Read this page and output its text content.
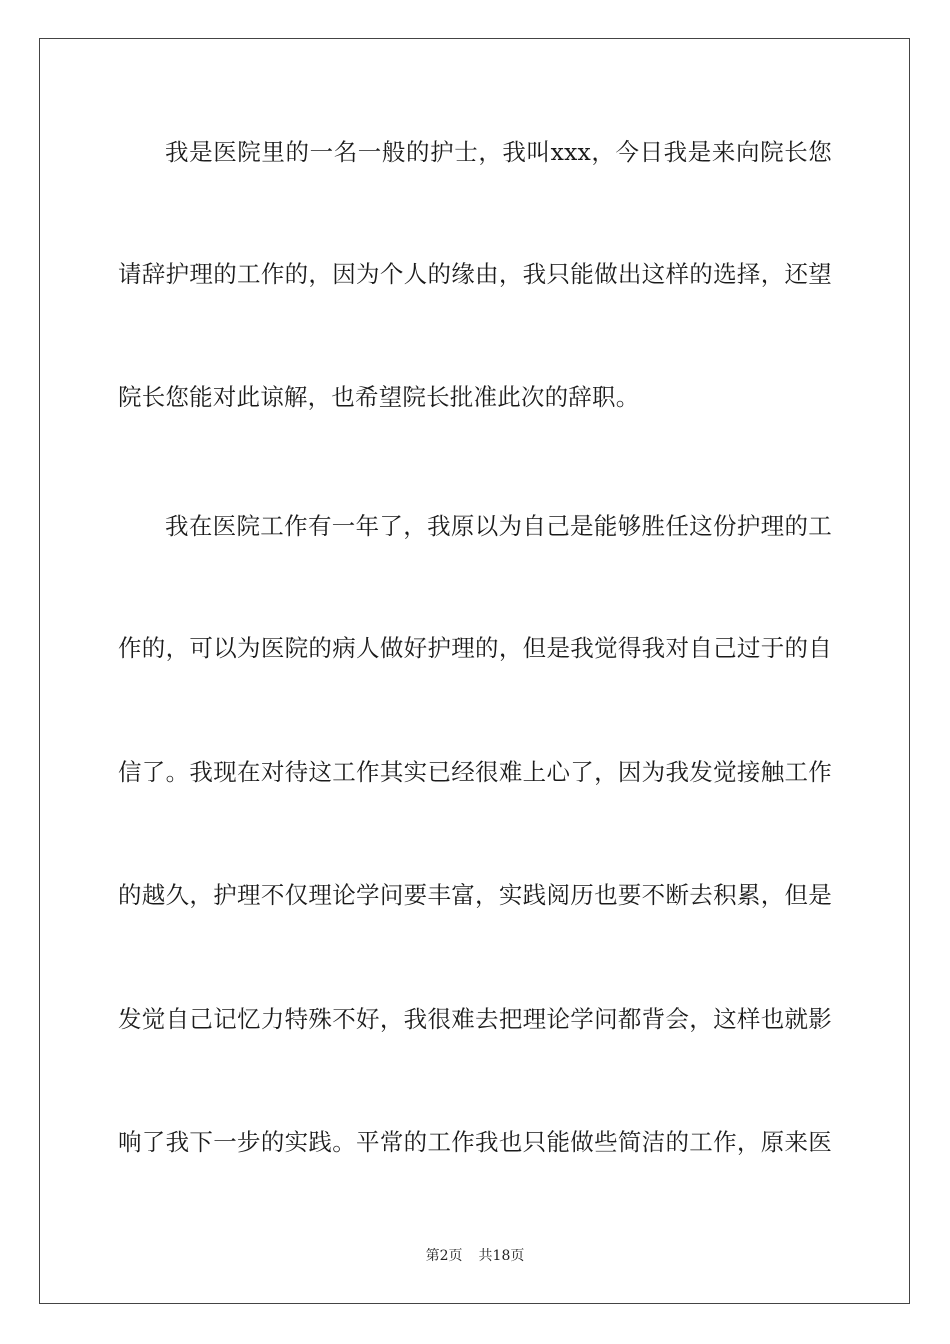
我是医院里的一名一般的护士，我叫xxx，今日我是来向院长您
请辞护理的工作的，因为个人的缘由，我只能做出这样的选择，还望
院长您能对此谅解，也希望院长批准此次的辞职。
我在医院工作有一年了，我原以为自己是能够胜任这份护理的工
作的，可以为医院的病人做好护理的，但是我觉得我对自己过于的自
信了。我现在对待这工作其实已经很难上心了，因为我发觉接触工作
的越久，护理不仅理论学问要丰富，实践阅历也要不断去积累，但是
发觉自己记忆力特殊不好，我很难去把理论学问都背会，这样也就影
响了我下一步的实践。平常的工作我也只能做些简洁的工作，原来医
第2页 共18页
